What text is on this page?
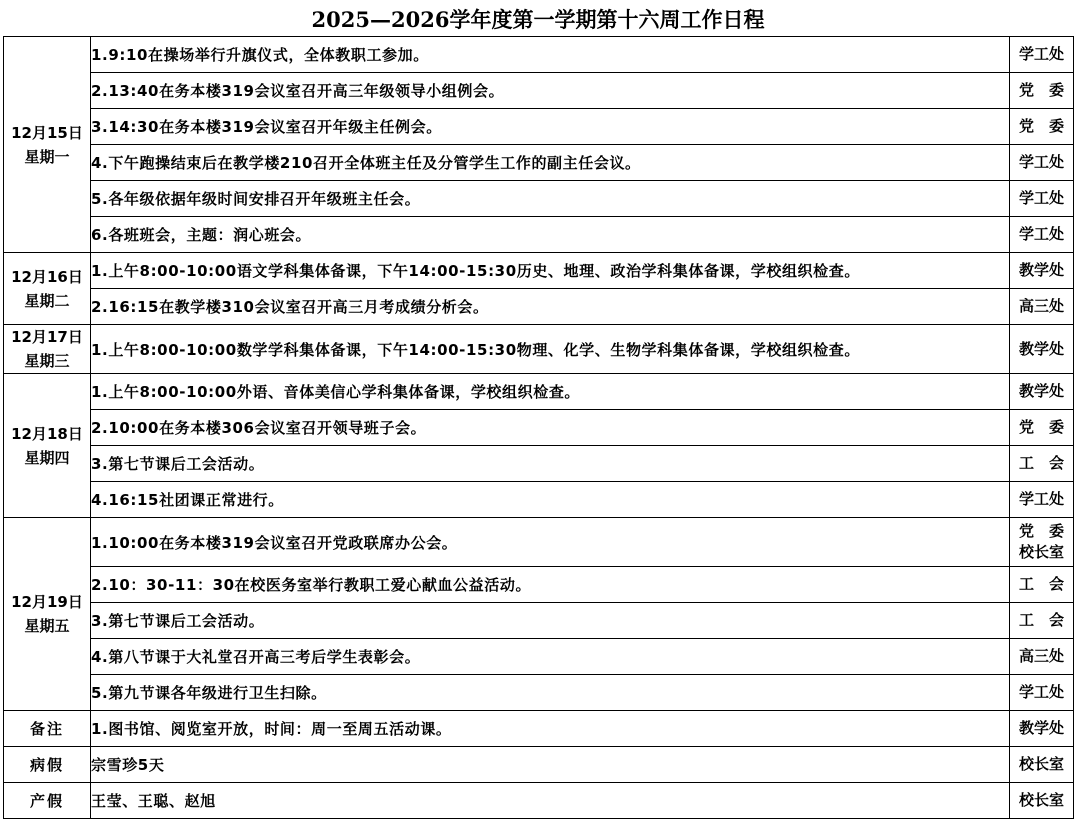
2025—2026学年度第一学期第十六周工作日程
12月15日
星期一	1.9:10在操场举行升旗仪式，全体教职工参加。	学工处

	2.13:40在务本楼319会议室召开高三年级领导小组例会。	党　委

	3.14:30在务本楼319会议室召开年级主任例会。	党　委

	4.下午跑操结束后在教学楼210召开全体班主任及分管学生工作的副主任会议。	学工处

	5.各年级依据年级时间安排召开年级班主任会。	学工处

	6.各班班会，主题：润心班会。	学工处

12月16日
星期二	1.上午8:00-10:00语文学科集体备课，下午14:00-15:30历史、地理、政治学科集体备课，学校组织检查。	教学处

	2.16:15在教学楼310会议室召开高三月考成绩分析会。	高三处

12月17日
星期三	1.上午8:00-10:00数学学科集体备课，下午14:00-15:30物理、化学、生物学科集体备课，学校组织检查。	教学处

12月18日
星期四	1.上午8:00-10:00外语、音体美信心学科集体备课，学校组织检查。	教学处

	2.10:00在务本楼306会议室召开领导班子会。	党　委

	3.第七节课后工会活动。	工　会

	4.16:15社团课正常进行。	学工处

12月19日
星期五	1.10:00在务本楼319会议室召开党政联席办公会。	党　委
校长室

	2.10：30-11：30在校医务室举行教职工爱心献血公益活动。	工　会

	3.第七节课后工会活动。	工　会

	4.第八节课于大礼堂召开高三考后学生表彰会。	高三处

	5.第九节课各年级进行卫生扫除。	学工处

备注	1.图书馆、阅览室开放，时间：周一至周五活动课。	教学处

病假	宗雪珍5天	校长室

产假	王莹、王聪、赵旭	校长室
